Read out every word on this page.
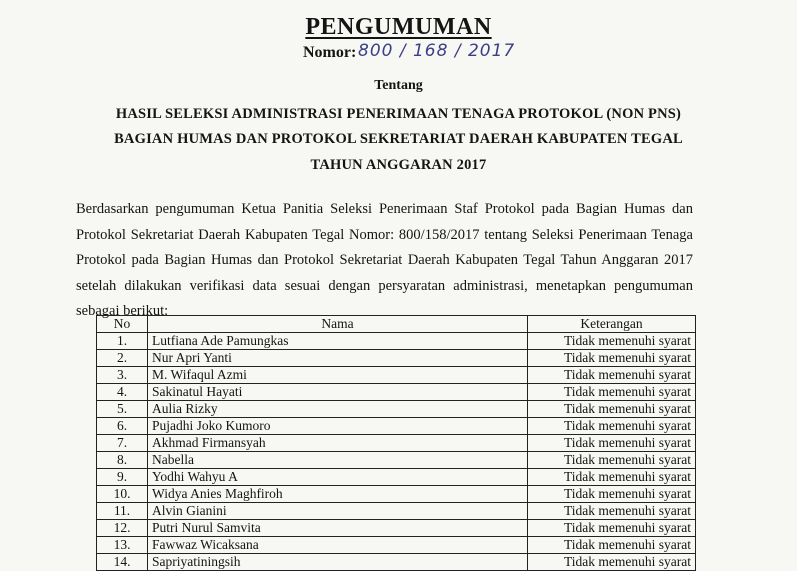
PENGUMUMAN
Nomor: 800 / 168 / 2017
Tentang
HASIL SELEKSI ADMINISTRASI PENERIMAAN TENAGA PROTOKOL (NON PNS)
BAGIAN HUMAS DAN PROTOKOL SEKRETARIAT DAERAH KABUPATEN TEGAL
TAHUN ANGGARAN 2017

Berdasarkan pengumuman Ketua Panitia Seleksi Penerimaan Staf Protokol pada Bagian Humas dan Protokol Sekretariat Daerah Kabupaten Tegal Nomor: 800/158/2017 tentang Seleksi Penerimaan Tenaga Protokol pada Bagian Humas dan Protokol Sekretariat Daerah Kabupaten Tegal Tahun Anggaran 2017 setelah dilakukan verifikasi data sesuai dengan persyaratan administrasi, menetapkan pengumuman sebagai berikut:

No	Nama	Keterangan
1.	Lutfiana Ade Pamungkas	Tidak memenuhi syarat
2.	Nur Apri Yanti	Tidak memenuhi syarat
3.	M. Wifaqul Azmi	Tidak memenuhi syarat
4.	Sakinatul Hayati	Tidak memenuhi syarat
5.	Aulia Rizky	Tidak memenuhi syarat
6.	Pujadhi Joko Kumoro	Tidak memenuhi syarat
7.	Akhmad Firmansyah	Tidak memenuhi syarat
8.	Nabella	Tidak memenuhi syarat
9.	Yodhi Wahyu A	Tidak memenuhi syarat
10.	Widya Anies Maghfiroh	Tidak memenuhi syarat
11.	Alvin Gianini	Tidak memenuhi syarat
12.	Putri Nurul Samvita	Tidak memenuhi syarat
13.	Fawwaz Wicaksana	Tidak memenuhi syarat
14.	Sapriyatiningsih	Tidak memenuhi syarat
